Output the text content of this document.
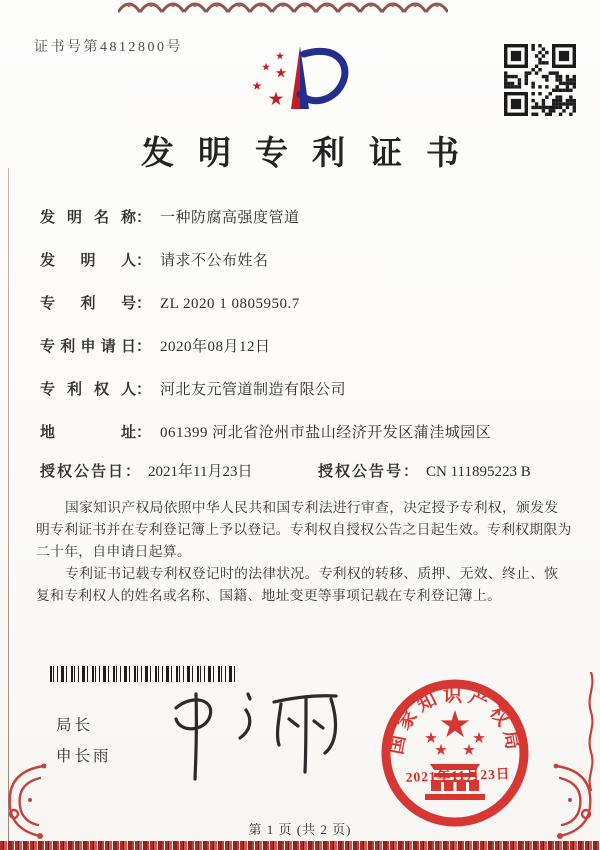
证书号第4812800号
发明专利证书
发明名称： 一种防腐高强度管道
发明人： 请求不公布姓名
专利号： ZL 2020 1 0805950.7
专利申请日： 2020年08月12日
专利权人： 河北友元管道制造有限公司
地址： 061399 河北省沧州市盐山经济开发区蒲洼城园区
授权公告日： 2021年11月23日	授权公告号： CN 111895223 B

国家知识产权局依照中华人民共和国专利法进行审查，决定授予专利权，颁发发明专利证书并在专利登记簿上予以登记。专利权自授权公告之日起生效。专利权期限为二十年，自申请日起算。

专利证书记载专利权登记时的法律状况。专利权的转移、质押、无效、终止、恢复和专利权人的姓名或名称、国籍、地址变更等事项记载在专利登记簿上。

局长
申长雨
国家知识产权局
2021年11月23日
第 1 页 (共 2 页)
